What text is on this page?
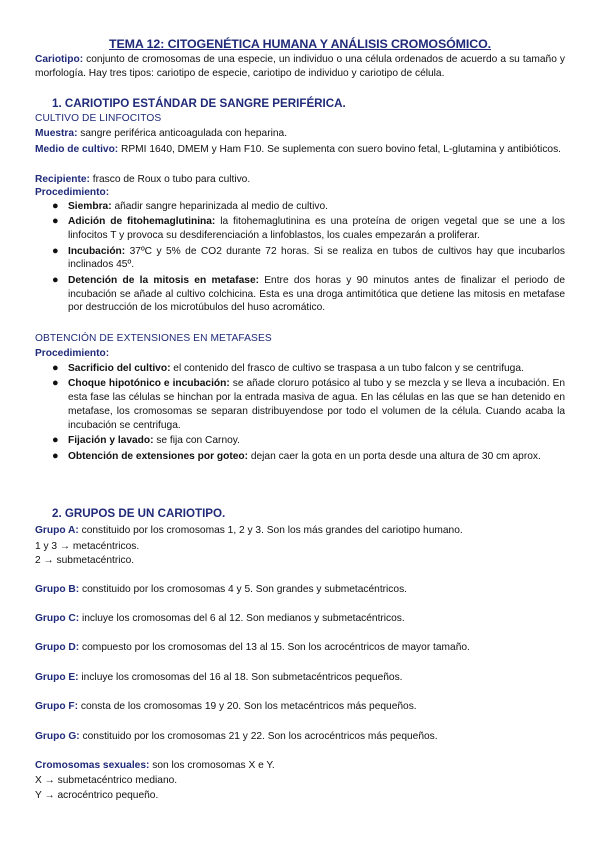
TEMA 12: CITOGENÉTICA HUMANA Y ANÁLISIS CROMOSÓMICO.
Cariotipo: conjunto de cromosomas de una especie, un individuo o una célula ordenados de acuerdo a su tamaño y morfología. Hay tres tipos: cariotipo de especie, cariotipo de individuo y cariotipo de célula.
1. CARIOTIPO ESTÁNDAR DE SANGRE PERIFÉRICA.
CULTIVO DE LINFOCITOS
Muestra: sangre periférica anticoagulada con heparina.
Medio de cultivo: RPMI 1640, DMEM y Ham F10. Se suplementa con suero bovino fetal, L-glutamina y antibióticos.
Recipiente: frasco de Roux o tubo para cultivo.
Procedimiento:
● Siembra: añadir sangre heparinizada al medio de cultivo.
● Adición de fitohemaglutinina: la fitohemaglutinina es una proteína de origen vegetal que se une a los linfocitos T y provoca su desdiferenciación a linfoblastos, los cuales empezarán a proliferar.
● Incubación: 37ºC y 5% de CO2 durante 72 horas. Si se realiza en tubos de cultivos hay que incubarlos inclinados 45º.
● Detención de la mitosis en metafase: Entre dos horas y 90 minutos antes de finalizar el periodo de incubación se añade al cultivo colchicina. Esta es una droga antimitótica que detiene las mitosis en metafase por destrucción de los microtúbulos del huso acromático.
OBTENCIÓN DE EXTENSIONES EN METAFASES
Procedimiento:
● Sacrificio del cultivo: el contenido del frasco de cultivo se traspasa a un tubo falcon y se centrifuga.
● Choque hipotónico e incubación: se añade cloruro potásico al tubo y se mezcla y se lleva a incubación. En esta fase las células se hinchan por la entrada masiva de agua. En las células en las que se han detenido en metafase, los cromosomas se separan distribuyendose por todo el volumen de la célula. Cuando acaba la incubación se centrifuga.
● Fijación y lavado: se fija con Carnoy.
● Obtención de extensiones por goteo: dejan caer la gota en un porta desde una altura de 30 cm aprox.
2. GRUPOS DE UN CARIOTIPO.
Grupo A: constituido por los cromosomas 1, 2 y 3. Son los más grandes del cariotipo humano.
1 y 3 → metacéntricos.
2 → submetacéntrico.
Grupo B: constituido por los cromosomas 4 y 5. Son grandes y submetacéntricos.
Grupo C: incluye los cromosomas del 6 al 12. Son medianos y submetacéntricos.
Grupo D: compuesto por los cromosomas del 13 al 15. Son los acrocéntricos de mayor tamaño.
Grupo E: incluye los cromosomas del 16 al 18. Son submetacéntricos pequeños.
Grupo F: consta de los cromosomas 19 y 20. Son los metacéntricos más pequeños.
Grupo G: constituido por los cromosomas 21 y 22. Son los acrocéntricos más pequeños.
Cromosomas sexuales: son los cromosomas X e Y.
X → submetacéntrico mediano.
Y → acrocéntrico pequeño.
